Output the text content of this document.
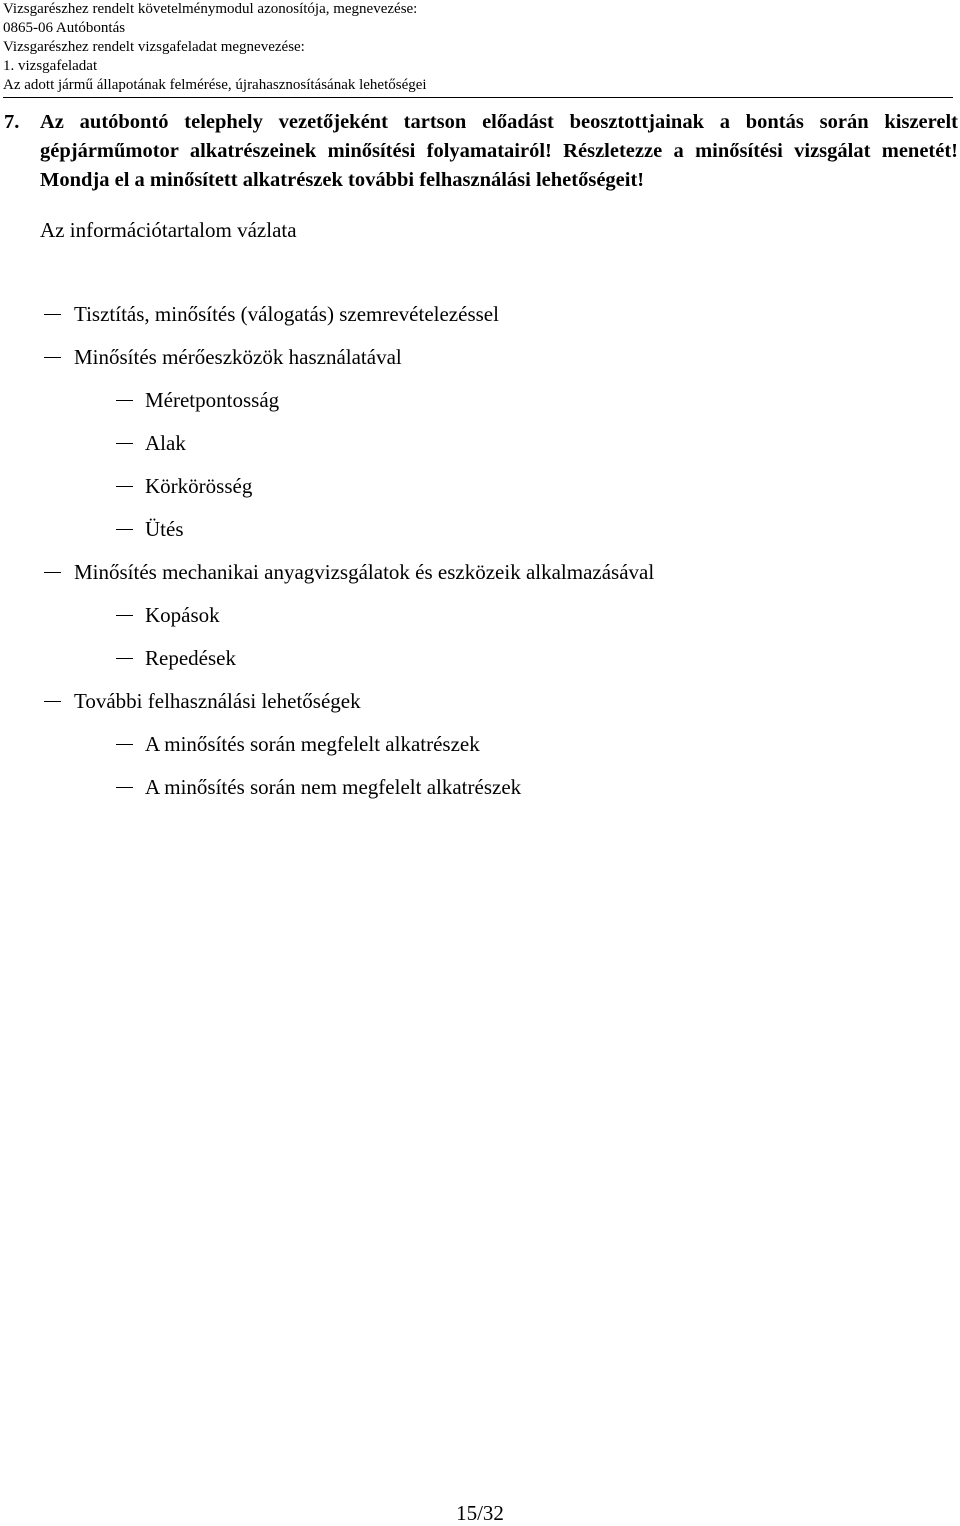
Vizsgarészhez rendelt követelménymodul azonosítója, megnevezése:
0865-06 Autóbontás
Vizsgarészhez rendelt vizsgafeladat megnevezése:
1. vizsgafeladat
Az adott jármű állapotának felmérése, újrahasznosításának lehetőségei
7. Az autóbontó telephely vezetőjeként tartson előadást beosztottjainak a bontás során kiszerelt gépjárműmotor alkatrészeinek minősítési folyamatairól! Részletezze a minősítési vizsgálat menetét! Mondja el a minősített alkatrészek további felhasználási lehetőségeit!
Az információtartalom vázlata
Tisztítás, minősítés (válogatás) szemrevételezéssel
Minősítés mérőeszközök használatával
Méretpontosság
Alak
Körkörösség
Ütés
Minősítés mechanikai anyagvizsgálatok és eszközeik alkalmazásával
Kopások
Repedések
További felhasználási lehetőségek
A minősítés során megfelelt alkatrészek
A minősítés során nem megfelelt alkatrészek
15/32
